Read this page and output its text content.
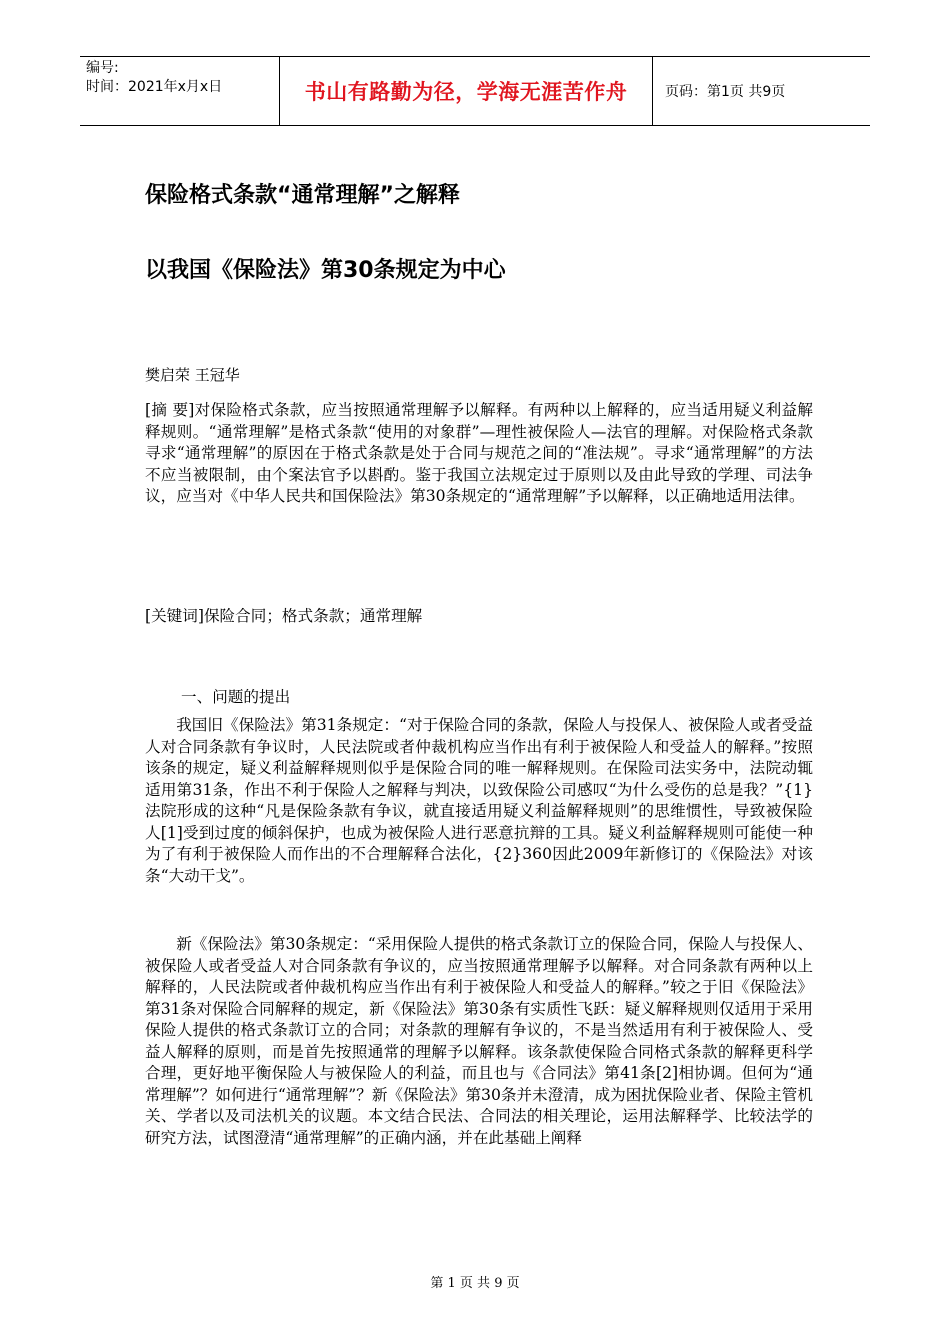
编号:
时间：2021年x月x日	书山有路勤为径，学海无涯苦作舟	页码：第1页 共9页
保险格式条款“通常理解”之解释
以我国《保险法》第30条规定为中心
樊启荣 王冠华
[摘 要]对保险格式条款，应当按照通常理解予以解释。有两种以上解释的，应当适用疑义利益解释规则。“通常理解”是格式条款“使用的对象群”—理性被保险人—法官的理解。对保险格式条款寻求“通常理解”的原因在于格式条款是处于合同与规范之间的“准法规”。寻求“通常理解”的方法不应当被限制，由个案法官予以斟酌。鉴于我国立法规定过于原则以及由此导致的学理、司法争议，应当对《中华人民共和国保险法》第30条规定的“通常理解”予以解释，以正确地适用法律。
[关键词]保险合同；格式条款；通常理解
一、问题的提出
我国旧《保险法》第31条规定：“对于保险合同的条款，保险人与投保人、被保险人或者受益人对合同条款有争议时，人民法院或者仲裁机构应当作出有利于被保险人和受益人的解释。”按照该条的规定，疑义利益解释规则似乎是保险合同的唯一解释规则。在保险司法实务中，法院动辄适用第31条，作出不利于保险人之解释与判决，以致保险公司感叹“为什么受伤的总是我？”{1}法院形成的这种“凡是保险条款有争议，就直接适用疑义利益解释规则”的思维惯性，导致被保险人[1]受到过度的倾斜保护，也成为被保险人进行恶意抗辩的工具。疑义利益解释规则可能使一种为了有利于被保险人而作出的不合理解释合法化，{2}360因此2009年新修订的《保险法》对该条“大动干戈”。
新《保险法》第30条规定：“采用保险人提供的格式条款订立的保险合同，保险人与投保人、被保险人或者受益人对合同条款有争议的，应当按照通常理解予以解释。对合同条款有两种以上解释的，人民法院或者仲裁机构应当作出有利于被保险人和受益人的解释。”较之于旧《保险法》第31条对保险合同解释的规定，新《保险法》第30条有实质性飞跃：疑义解释规则仅适用于采用保险人提供的格式条款订立的合同；对条款的理解有争议的，不是当然适用有利于被保险人、受益人解释的原则，而是首先按照通常的理解予以解释。该条款使保险合同格式条款的解释更科学合理，更好地平衡保险人与被保险人的利益，而且也与《合同法》第41条[2]相协调。但何为“通常理解”？如何进行“通常理解”？新《保险法》第30条并未澄清，成为困扰保险业者、保险主管机关、学者以及司法机关的议题。本文结合民法、合同法的相关理论，运用法解释学、比较法学的研究方法，试图澄清“通常理解”的正确内涵，并在此基础上阐释
第 1 页 共 9 页
